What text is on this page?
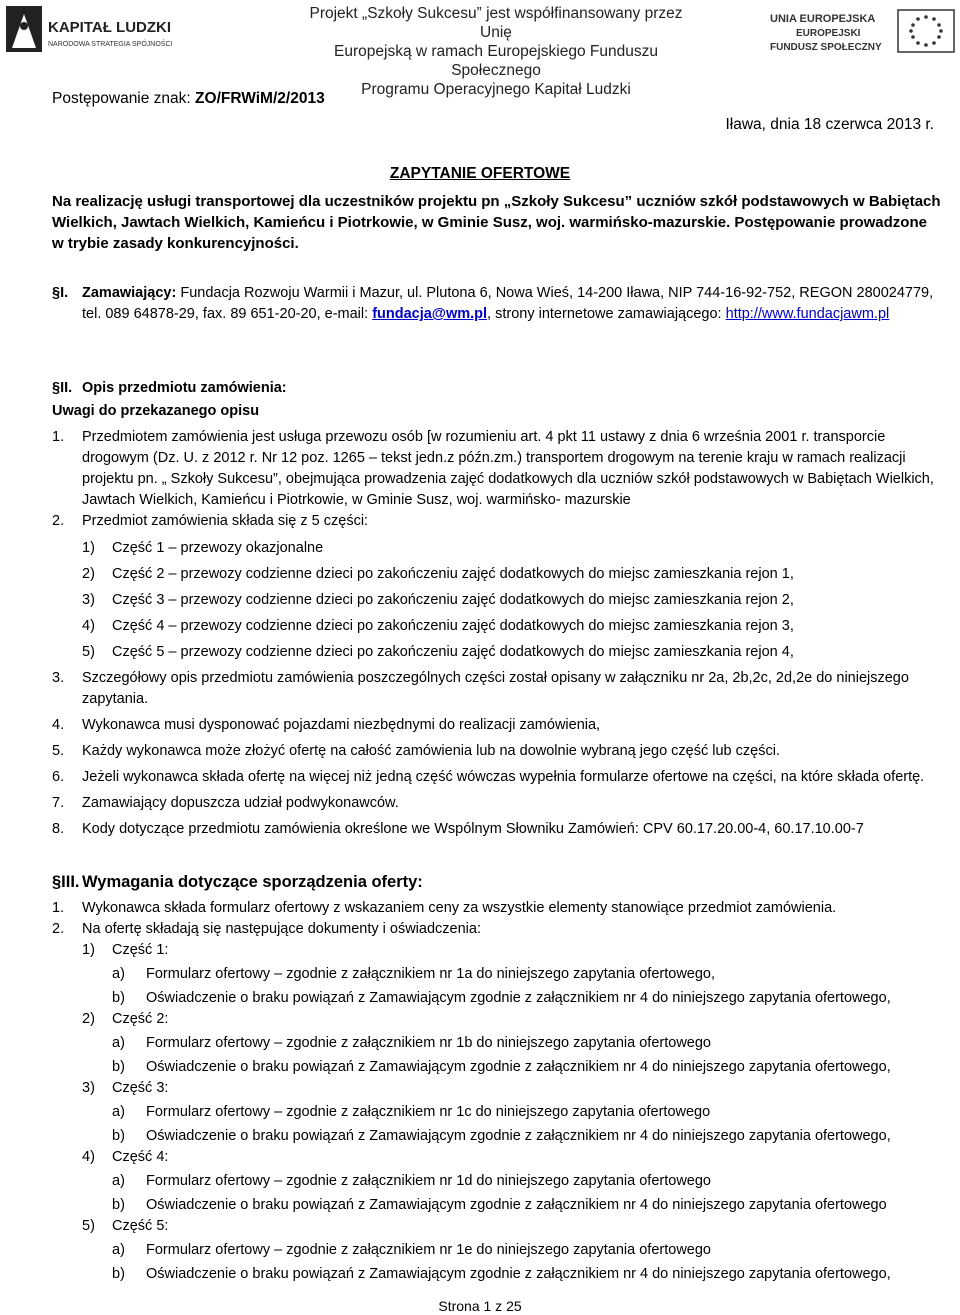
KAPITAŁ LUDZKI
NARODOWA STRATEGIA SPÓJNOŚCI
Projekt „Szkoły Sukcesu” jest współfinansowany przez Unię
Europejską w ramach Europejskiego Funduszu Społecznego
Programu Operacyjnego Kapitał Ludzki
UNIA EUROPEJSKA
EUROPEJSKI
FUNDUSZ SPOŁECZNY
Postępowanie znak: ZO/FRWiM/2/2013
Iława, dnia 18 czerwca 2013 r.
ZAPYTANIE OFERTOWE
Na realizację usługi transportowej dla uczestników projektu pn „Szkoły Sukcesu” uczniów szkół podstawowych w Babiętach Wielkich, Jawtach Wielkich, Kamieńcu i Piotrkowie, w Gminie Susz, woj. warmińsko-mazurskie. Postępowanie prowadzone w trybie zasady konkurencyjności.
§I. Zamawiający: Fundacja Rozwoju Warmii i Mazur, ul. Plutona 6, Nowa Wieś, 14-200 Iława, NIP 744-16-92-752, REGON 280024779, tel. 089 64878-29, fax. 89 651-20-20, e-mail: fundacja@wm.pl, strony internetowe zamawiającego: http://www.fundacjawm.pl
§II. Opis przedmiotu zamówienia:
Uwagi do przekazanego opisu
1. Przedmiotem zamówienia jest usługa przewozu osób [w rozumieniu art. 4 pkt 11 ustawy z dnia 6 września 2001 r. transporcie drogowym (Dz. U. z 2012 r. Nr 12 poz. 1265 – tekst jedn.z późn.zm.) transportem drogowym na terenie kraju w ramach realizacji projektu pn. „ Szkoły Sukcesu”, obejmująca prowadzenia zajęć dodatkowych dla uczniów szkół podstawowych w Babiętach Wielkich, Jawtach Wielkich, Kamieńcu i Piotrkowie, w Gminie Susz, woj. warmińsko- mazurskie
2. Przedmiot zamówienia składa się z 5 części:
1) Część 1 – przewozy okazjonalne
2) Część 2 – przewozy codzienne dzieci po zakończeniu zajęć dodatkowych do miejsc zamieszkania rejon 1,
3) Część 3 – przewozy codzienne dzieci po zakończeniu zajęć dodatkowych do miejsc zamieszkania rejon 2,
4) Część 4 – przewozy codzienne dzieci po zakończeniu zajęć dodatkowych do miejsc zamieszkania rejon 3,
5) Część 5 – przewozy codzienne dzieci po zakończeniu zajęć dodatkowych do miejsc zamieszkania rejon 4,
3. Szczegółowy opis przedmiotu zamówienia poszczególnych części został opisany w załączniku nr 2a, 2b,2c, 2d,2e do niniejszego zapytania.
4. Wykonawca musi dysponować pojazdami niezbędnymi do realizacji zamówienia,
5. Każdy wykonawca może złożyć ofertę na całość zamówienia lub na dowolnie wybraną jego część lub części.
6. Jeżeli wykonawca składa ofertę na więcej niż jedną część wówczas wypełnia formularze ofertowe na części, na które składa ofertę.
7. Zamawiający dopuszcza udział podwykonawców.
8. Kody dotyczące przedmiotu zamówienia określone we Wspólnym Słowniku Zamówień: CPV 60.17.20.00-4, 60.17.10.00-7
§III. Wymagania dotyczące sporządzenia oferty:
1. Wykonawca składa formularz ofertowy z wskazaniem ceny za wszystkie elementy stanowiące przedmiot zamówienia.
2. Na ofertę składają się następujące dokumenty i oświadczenia:
1) Część 1:
a) Formularz ofertowy – zgodnie z załącznikiem nr 1a do niniejszego zapytania ofertowego,
b) Oświadczenie o braku powiązań z Zamawiającym zgodnie z załącznikiem nr 4 do niniejszego zapytania ofertowego,
2) Część 2:
a) Formularz ofertowy – zgodnie z załącznikiem nr 1b do niniejszego zapytania ofertowego
b) Oświadczenie o braku powiązań z Zamawiającym zgodnie z załącznikiem nr 4 do niniejszego zapytania ofertowego,
3) Część 3:
a) Formularz ofertowy – zgodnie z załącznikiem nr 1c do niniejszego zapytania ofertowego
b) Oświadczenie o braku powiązań z Zamawiającym zgodnie z załącznikiem nr 4 do niniejszego zapytania ofertowego,
4) Część 4:
a) Formularz ofertowy – zgodnie z załącznikiem nr 1d do niniejszego zapytania ofertowego
b) Oświadczenie o braku powiązań z Zamawiającym zgodnie z załącznikiem nr 4 do niniejszego zapytania ofertowego
5) Część 5:
a) Formularz ofertowy – zgodnie z załącznikiem nr 1e do niniejszego zapytania ofertowego
b) Oświadczenie o braku powiązań z Zamawiającym zgodnie z załącznikiem nr 4 do niniejszego zapytania ofertowego,
Strona 1 z 25
